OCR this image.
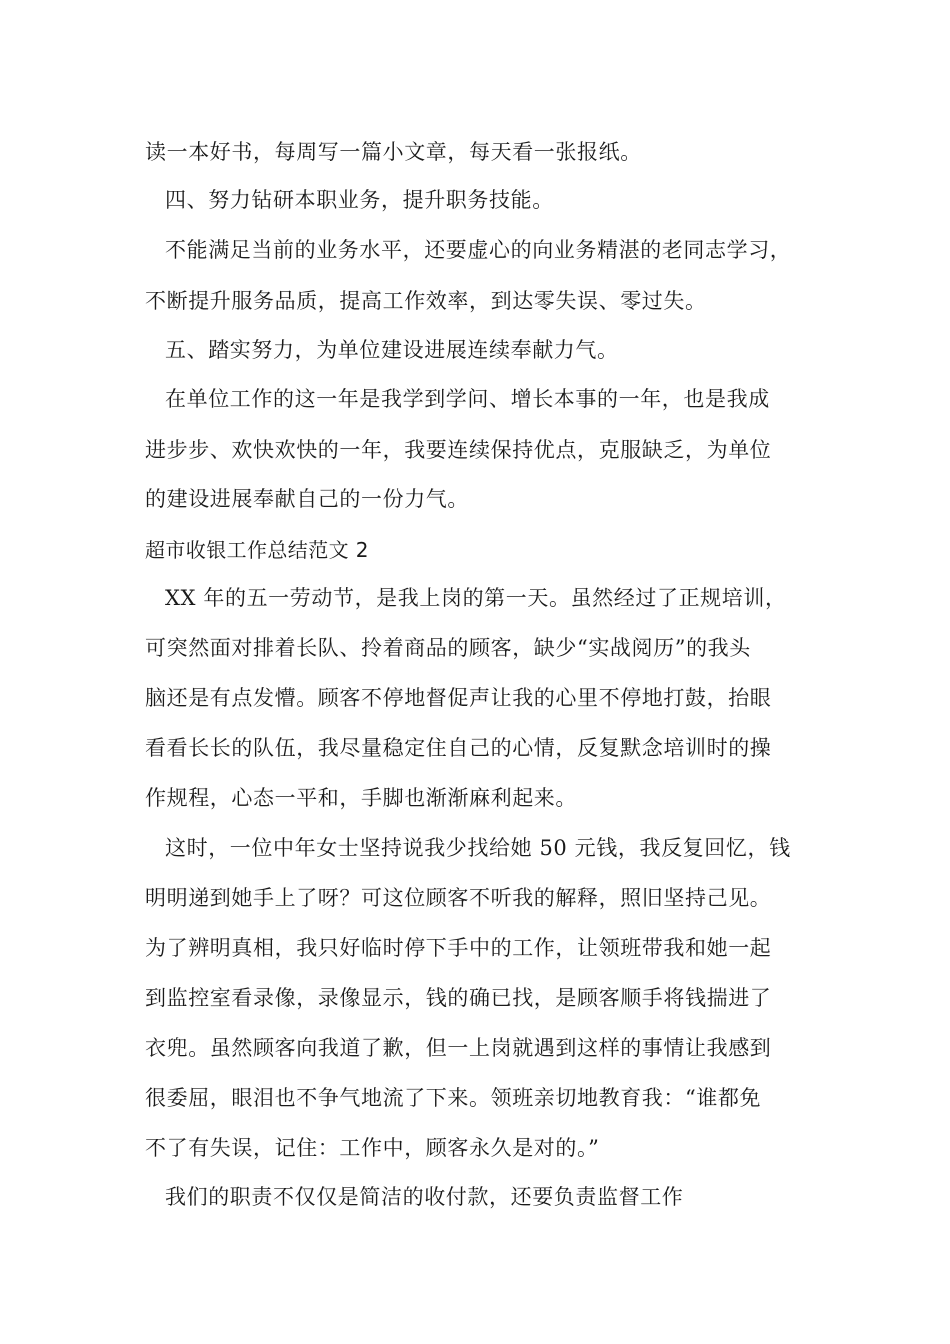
读一本好书，每周写一篇小文章，每天看一张报纸。
四、努力钻研本职业务，提升职务技能。
不能满足当前的业务水平，还要虚心的向业务精湛的老同志学习，
不断提升服务品质，提高工作效率，到达零失误、零过失。
五、踏实努力，为单位建设进展连续奉献力气。
在单位工作的这一年是我学到学问、增长本事的一年，也是我成
进步步、欢快欢快的一年，我要连续保持优点，克服缺乏，为单位
的建设进展奉献自己的一份力气。
超市收银工作总结范文 2
XX 年的五一劳动节，是我上岗的第一天。虽然经过了正规培训，
可突然面对排着长队、拎着商品的顾客，缺少“实战阅历”的我头
脑还是有点发懵。顾客不停地督促声让我的心里不停地打鼓，抬眼
看看长长的队伍，我尽量稳定住自己的心情，反复默念培训时的操
作规程，心态一平和，手脚也渐渐麻利起来。
这时，一位中年女士坚持说我少找给她 50 元钱，我反复回忆，钱
明明递到她手上了呀？可这位顾客不听我的解释，照旧坚持己见。
为了辨明真相，我只好临时停下手中的工作，让领班带我和她一起
到监控室看录像，录像显示，钱的确已找，是顾客顺手将钱揣进了
衣兜。虽然顾客向我道了歉，但一上岗就遇到这样的事情让我感到
很委屈，眼泪也不争气地流了下来。领班亲切地教育我：“谁都免
不了有失误，记住：工作中，顾客永久是对的。”
我们的职责不仅仅是简洁的收付款，还要负责监督工作
